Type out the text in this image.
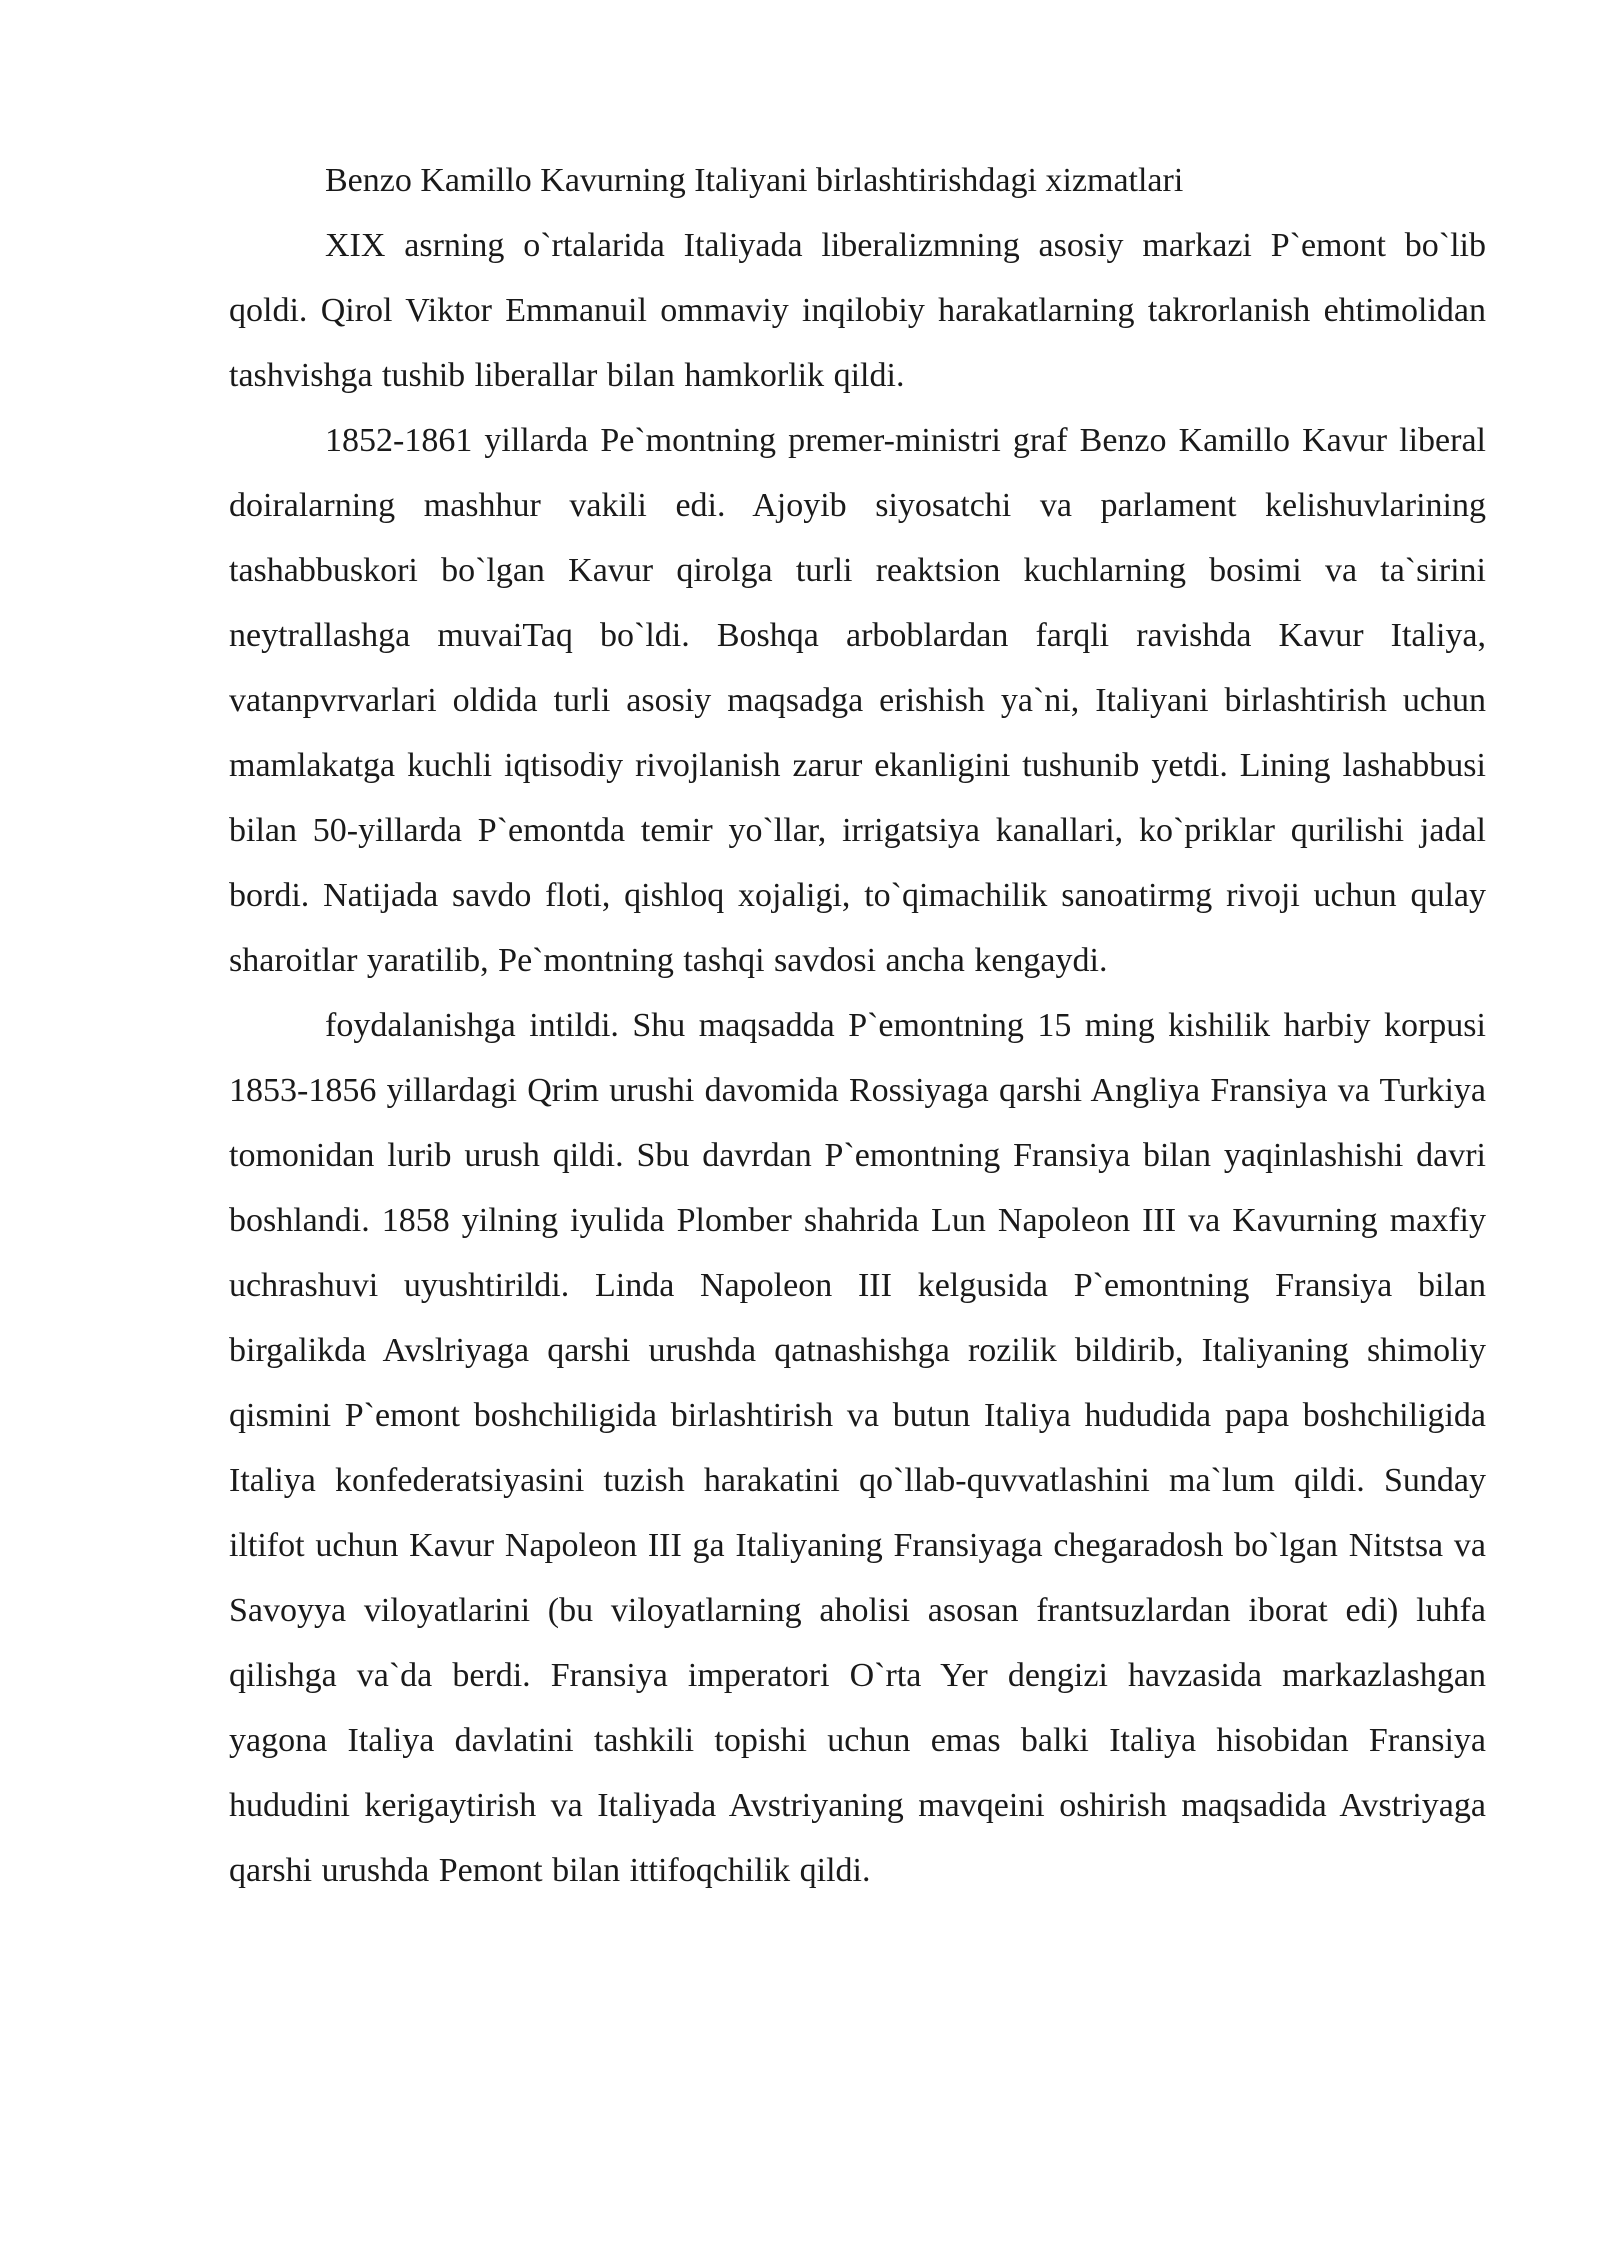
Benzo Kamillo Kavurning Italiyani birlashtirishdagi xizmatlari

XIX asrning o`rtalarida Italiyada liberalizmning asosiy markazi P`emont bo`lib qoldi. Qirol Viktor Emmanuil ommaviy inqilobiy harakatlarning takrorlanish ehtimolidan tashvishga tushib liberallar bilan hamkorlik qildi.

1852-1861 yillarda Pe`montning premer-ministri graf Benzo Kamillo Kavur liberal doiralarning mashhur vakili edi. Ajoyib siyosatchi va parlament kelishuvlarining tashabbuskori bo`lgan Kavur qirolga turli reaktsion kuchlarning bosimi va ta`sirini neytrallashga muvaiTaq bo`ldi. Boshqa arboblardan farqli ravishda Kavur Italiya, vatanpvrvarlari oldida turli asosiy maqsadga erishish ya`ni, Italiyani birlashtirish uchun mamlakatga kuchli iqtisodiy rivojlanish zarur ekanligini tushunib yetdi. Lining lashabbusi bilan 50-yillarda P`emontda temir yo`llar, irrigatsiya kanallari, ko`priklar qurilishi jadal bordi. Natijada savdo floti, qishloq xojaligi, to`qimachilik sanoatirmg rivoji uchun qulay sharoitlar yaratilib, Pe`montning tashqi savdosi ancha kengaydi.

foydalanishga intildi. Shu maqsadda P`emontning 15 ming kishilik harbiy korpusi 1853-1856 yillardagi Qrim urushi davomida Rossiyaga qarshi Angliya Fransiya va Turkiya tomonidan lurib urush qildi. Sbu davrdan P`emontning Fransiya bilan yaqinlashishi davri boshlandi. 1858 yilning iyulida Plomber shahrida Lun Napoleon III va Kavurning maxfiy uchrashuvi uyushtirildi. Linda Napoleon III kelgusida P`emontning Fransiya bilan birgalikda Avslriyaga qarshi urushda qatnashishga rozilik bildirib, Italiyaning shimoliy qismini P`emont boshchiligida birlashtirish va butun Italiya hududida papa boshchiligida Italiya konfederatsiyasini tuzish harakatini qo`llab-quvvatlashini ma`lum qildi. Sunday iltifot uchun Kavur Napoleon III ga Italiyaning Fransiyaga chegaradosh bo`lgan Nitstsa va Savoyya viloyatlarini (bu viloyatlarning aholisi asosan frantsuzlardan iborat edi) luhfa qilishga va`da berdi. Fransiya imperatori O`rta Yer dengizi havzasida markazlashgan yagona Italiya davlatini tashkili topishi uchun emas balki Italiya hisobidan Fransiya hududini kerigaytirish va Italiyada Avstriyaning mavqeini oshirish maqsadida Avstriyaga qarshi urushda Pemont bilan ittifoqchilik qildi.
